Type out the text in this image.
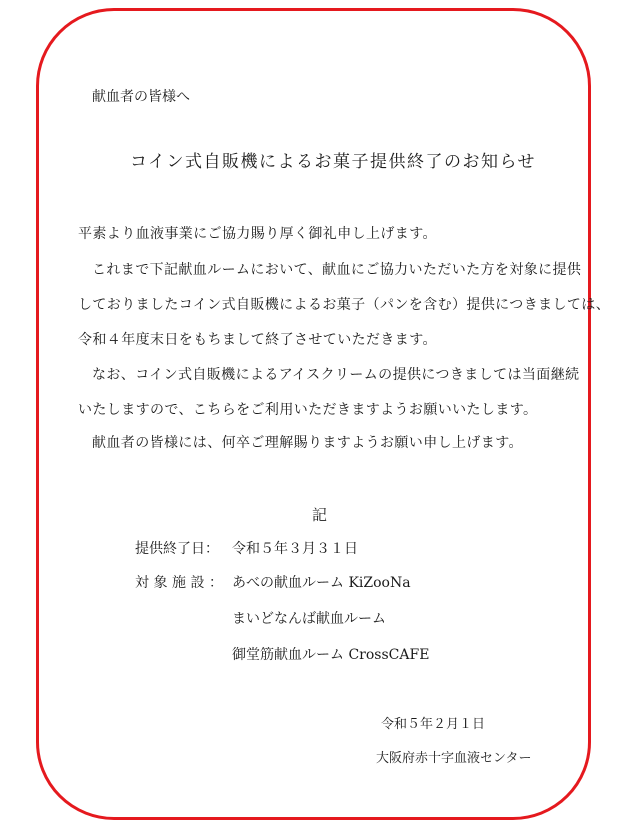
献血者の皆様へ
コイン式自販機によるお菓子提供終了のお知らせ
平素より血液事業にご協力賜り厚く御礼申し上げます。
これまで下記献血ルームにおいて、献血にご協力いただいた方を対象に提供
しておりましたコイン式自販機によるお菓子（パンを含む）提供につきましては、
令和４年度末日をもちまして終了させていただきます。
なお、コイン式自販機によるアイスクリームの提供につきましては当面継続
いたしますので、こちらをご利用いただきますようお願いいたします。
献血者の皆様には、何卒ご理解賜りますようお願い申し上げます。
記
提供終了日： 令和５年３月３１日
対象施設： あべの献血ルーム KiZooNa
まいどなんば献血ルーム
御堂筋献血ルーム CrossCAFE
令和５年２月１日
大阪府赤十字血液センター
